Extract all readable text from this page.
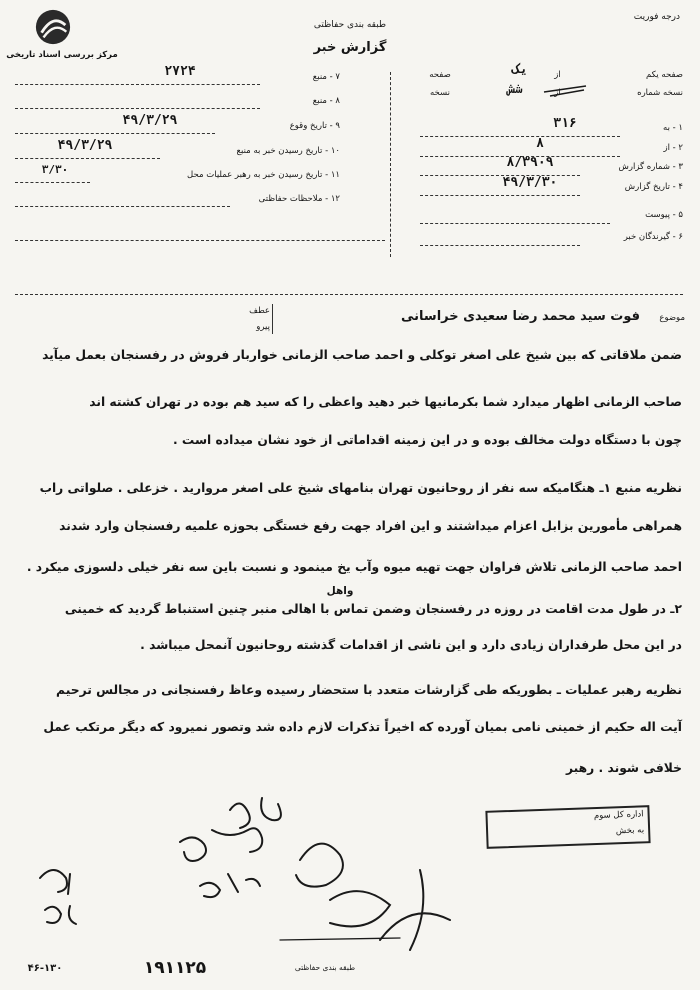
مرکز بررسی اسناد تاریخی
طبقه بندی حفاظتی
گزارش خبر
درجه فوریت
صفحه یکم
یک	از
صفحه
نسخه شماره
از
شش
نسخه
۱ - به
۳۱۶
۲ - از
۸
۳ - شماره گزارش
۸/۳۹۰۹
۴ - تاریخ گزارش
۴۹/۳/۳۰
۵ - پیوست
۶ - گیرندگان خبر
۷ - منبع
۲۷۲۴
۸ - منبع
۹ - تاریخ وقوع
۴۹/۳/۲۹
۱۰ - تاریخ رسیدن خبر به منبع
۴۹/۳/۲۹
۱۱ - تاریخ رسیدن خبر به رهبر عملیات محل
۳/۳۰
۱۲ - ملاحظات حفاظتی
موضوع
فوت سید محمد رضا سعیدی خراسانی
عطف
پیرو
ضمن ملاقاتی که بین شیخ علی اصغر توکلی و احمد صاحب الزمانی خواربار فروش در رفسنجان بعمل میآید
صاحب الزمانی اظهار میدارد شما بکرمانیها خبر دهید واعظی را که سید هم بوده در تهران کشته اند
چون با دستگاه دولت مخالف بوده و در این زمینه اقداماتی از خود نشان میداده است .
نظریه منبع ۱ـ هنگامیکه سه نفر از روحانیون تهران بنامهای شیخ علی اصغر مروارید . خزعلی . صلواتی راب
همراهی مأمورین بزابل اعزام میداشتند و این افراد جهت رفع خستگی بحوزه علمیه رفسنجان وارد شدند
احمد صاحب الزمانی تلاش فراوان جهت تهیه میوه وآب یخ مینمود و نسبت باین سه نفر خیلی دلسوزی میکرد .
واهل
۲ـ در طول مدت اقامت در روزه در رفسنجان وضمن تماس با اهالی منبر چنین استنباط گردید که خمینی
در این محل طرفداران زیادی دارد و این ناشی از اقدامات گذشته روحانیون آنمحل میباشد .
نظریه رهبر عملیات ـ بطوریکه طی گزارشات متعدد با ستحضار رسیده وعاظ رفسنجانی در مجالس ترحیم
آیت اله حکیم از خمینی نامی بمیان آورده که اخیراً تذکرات لازم داده شد وتصور نمیرود که دیگر مرتکب عمل
خلافی شوند . رهبر
اداره کل سوم
به بخش
۴۶-۱۳۰	۱۹۱۱۲۵	طبقه بندی حفاظتی
